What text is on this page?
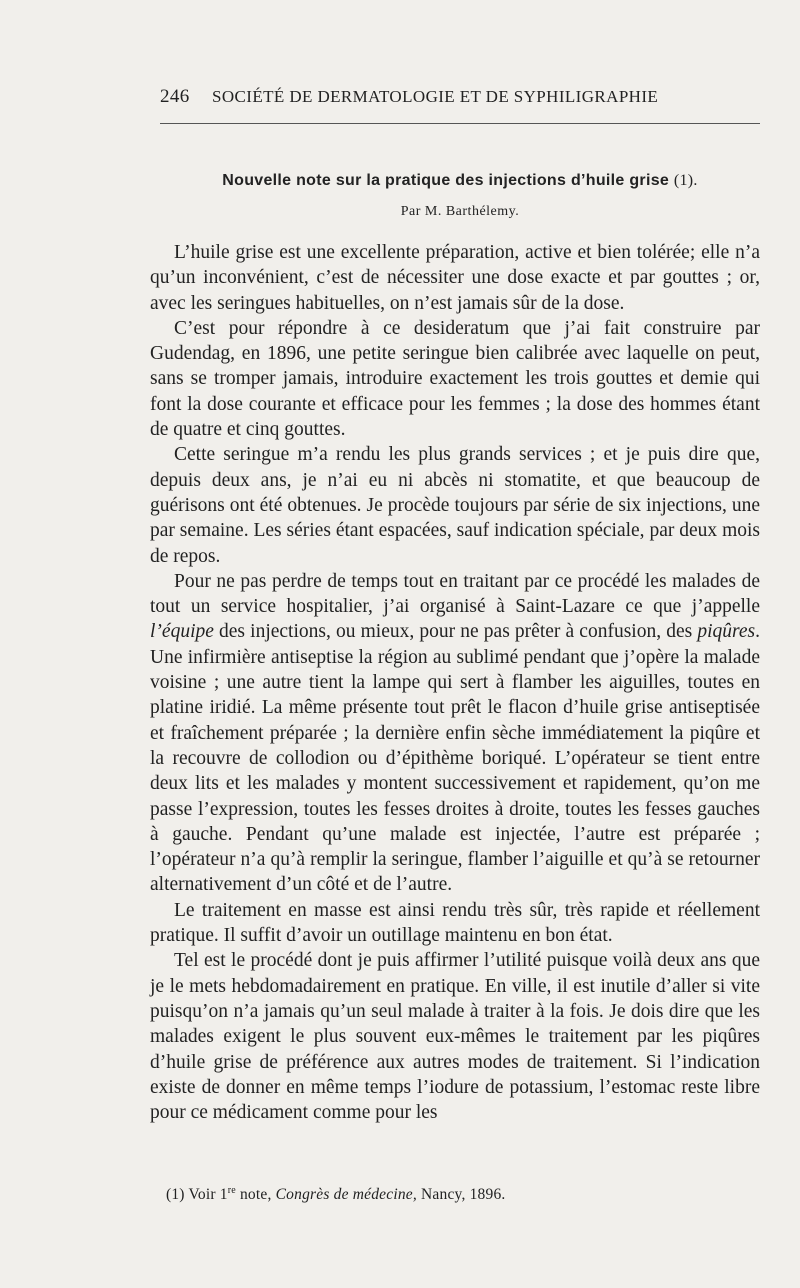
246 SOCIÉTÉ DE DERMATOLOGIE ET DE SYPHILIGRAPHIE
Nouvelle note sur la pratique des injections d’huile grise (1).
Par M. Barthélemy.

L’huile grise est une excellente préparation, active et bien tolérée; elle n’a qu’un inconvénient, c’est de nécessiter une dose exacte et par gouttes ; or, avec les seringues habituelles, on n’est jamais sûr de la dose.

C’est pour répondre à ce desideratum que j’ai fait construire par Gudendag, en 1896, une petite seringue bien calibrée avec laquelle on peut, sans se tromper jamais, introduire exactement les trois gouttes et demie qui font la dose courante et efficace pour les femmes ; la dose des hommes étant de quatre et cinq gouttes.

Cette seringue m’a rendu les plus grands services ; et je puis dire que, depuis deux ans, je n’ai eu ni abcès ni stomatite, et que beaucoup de guérisons ont été obtenues. Je procède toujours par série de six injections, une par semaine. Les séries étant espacées, sauf indication spéciale, par deux mois de repos.

Pour ne pas perdre de temps tout en traitant par ce procédé les malades de tout un service hospitalier, j’ai organisé à Saint-Lazare ce que j’appelle l’équipe des injections, ou mieux, pour ne pas prêter à confusion, des piqûres. Une infirmière antiseptise la région au sublimé pendant que j’opère la malade voisine ; une autre tient la lampe qui sert à flamber les aiguilles, toutes en platine iridié. La même présente tout prêt le flacon d’huile grise antiseptisée et fraîchement préparée ; la dernière enfin sèche immédiatement la piqûre et la recouvre de collodion ou d’épithème boriqué. L’opérateur se tient entre deux lits et les malades y montent successivement et rapidement, qu’on me passe l’expression, toutes les fesses droites à droite, toutes les fesses gauches à gauche. Pendant qu’une malade est injectée, l’autre est préparée ; l’opérateur n’a qu’à remplir la seringue, flamber l’aiguille et qu’à se retourner alternativement d’un côté et de l’autre.

Le traitement en masse est ainsi rendu très sûr, très rapide et réellement pratique. Il suffit d’avoir un outillage maintenu en bon état.

Tel est le procédé dont je puis affirmer l’utilité puisque voilà deux ans que je le mets hebdomadairement en pratique. En ville, il est inutile d’aller si vite puisqu’on n’a jamais qu’un seul malade à traiter à la fois. Je dois dire que les malades exigent le plus souvent eux-mêmes le traitement par les piqûres d’huile grise de préférence aux autres modes de traitement. Si l’indication existe de donner en même temps l’iodure de potassium, l’estomac reste libre pour ce médicament comme pour les

(1) Voir 1re note, Congrès de médecine, Nancy, 1896.
